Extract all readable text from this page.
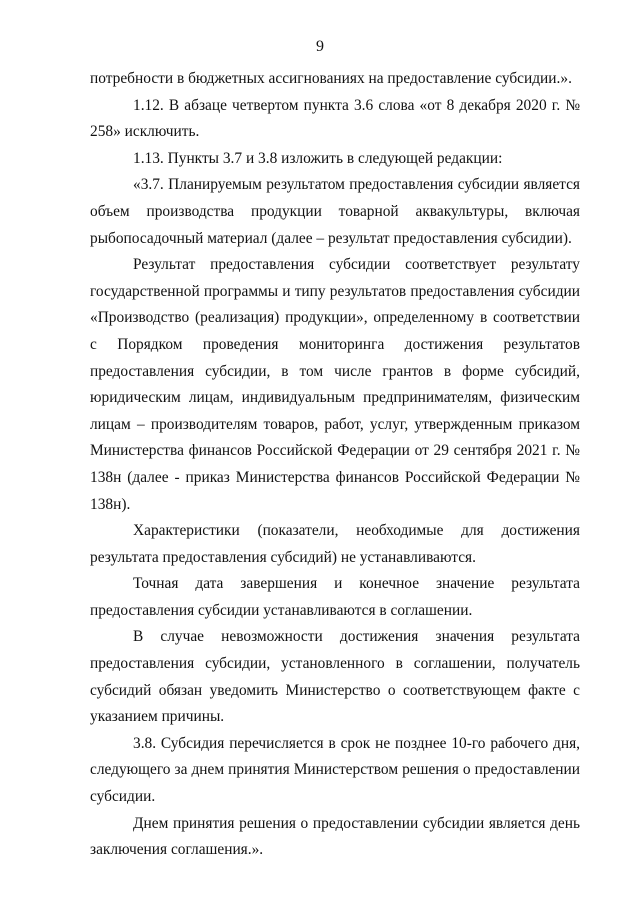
9

потребности в бюджетных ассигнованиях на предоставление субсидии.».

1.12. В абзаце четвертом пункта 3.6 слова «от 8 декабря 2020 г. № 258» исключить.

1.13. Пункты 3.7 и 3.8 изложить в следующей редакции:

«3.7. Планируемым результатом предоставления субсидии является объем производства продукции товарной аквакультуры, включая рыбопосадочный материал (далее – результат предоставления субсидии).

Результат предоставления субсидии соответствует результату государственной программы и типу результатов предоставления субсидии «Производство (реализация) продукции», определенному в соответствии с Порядком проведения мониторинга достижения результатов предоставления субсидии, в том числе грантов в форме субсидий, юридическим лицам, индивидуальным предпринимателям, физическим лицам – производителям товаров, работ, услуг, утвержденным приказом Министерства финансов Российской Федерации от 29 сентября 2021 г. № 138н (далее - приказ Министерства финансов Российской Федерации № 138н).

Характеристики (показатели, необходимые для достижения результата предоставления субсидий) не устанавливаются.

Точная дата завершения и конечное значение результата предоставления субсидии устанавливаются в соглашении.

В случае невозможности достижения значения результата предоставления субсидии, установленного в соглашении, получатель субсидий обязан уведомить Министерство о соответствующем факте с указанием причины.

3.8. Субсидия перечисляется в срок не позднее 10-го рабочего дня, следующего за днем принятия Министерством решения о предоставлении субсидии.

Днем принятия решения о предоставлении субсидии является день заключения соглашения.».
